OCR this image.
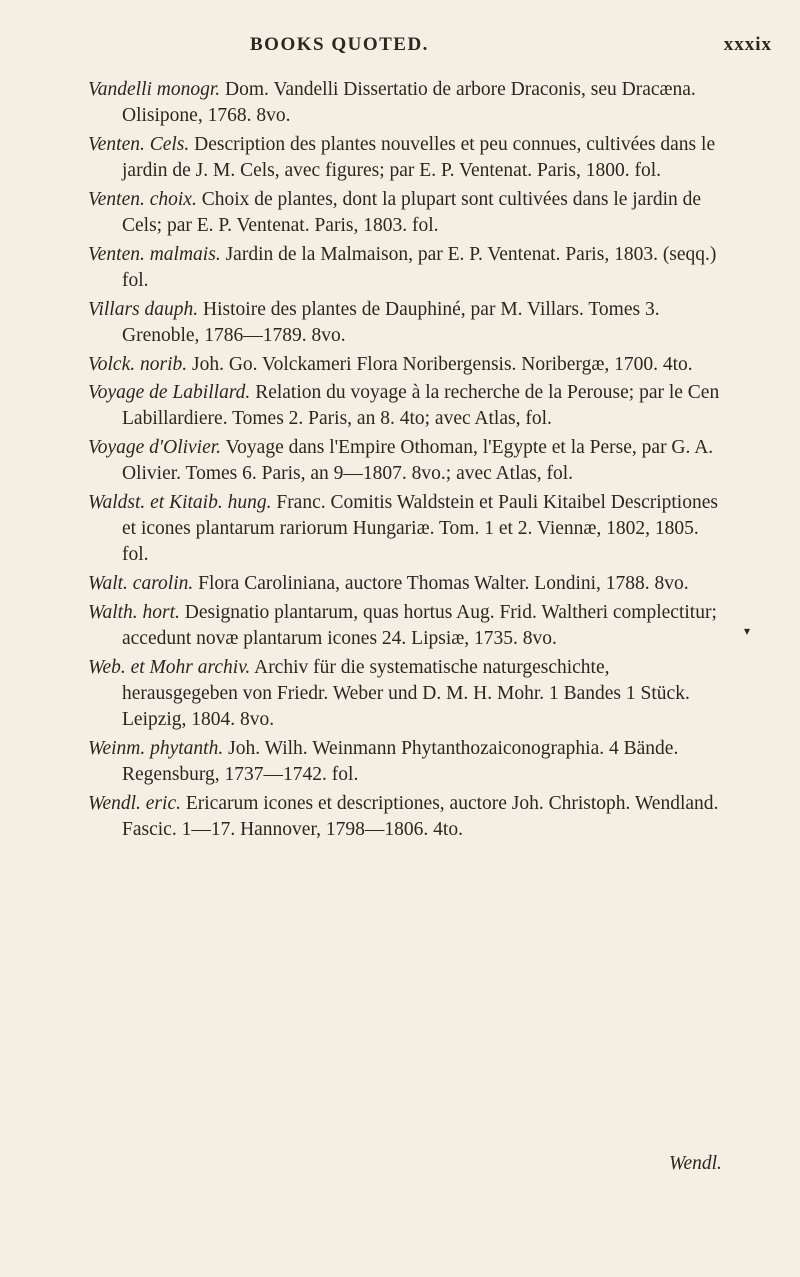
BOOKS QUOTED.	xxxix

Vandelli monogr. Dom. Vandelli Dissertatio de arbore Draconis, seu Dracæna. Olisipone, 1768. 8vo.

Venten. Cels. Description des plantes nouvelles et peu connues, cultivées dans le jardin de J. M. Cels, avec figures; par E. P. Ventenat. Paris, 1800. fol.

Venten. choix. Choix de plantes, dont la plupart sont cultivées dans le jardin de Cels; par E. P. Ventenat. Paris, 1803. fol.

Venten. malmais. Jardin de la Malmaison, par E. P. Ventenat. Paris, 1803. (seqq.) fol.

Villars dauph. Histoire des plantes de Dauphiné, par M. Villars. Tomes 3. Grenoble, 1786—1789. 8vo.

Volck. norib. Joh. Go. Volckameri Flora Noribergensis. Noribergæ, 1700. 4to.

Voyage de Labillard. Relation du voyage à la recherche de la Perouse; par le Cen Labillardiere. Tomes 2. Paris, an 8. 4to; avec Atlas, fol.

Voyage d'Olivier. Voyage dans l'Empire Othoman, l'Egypte et la Perse, par G. A. Olivier. Tomes 6. Paris, an 9—1807. 8vo.; avec Atlas, fol.

Waldst. et Kitaib. hung. Franc. Comitis Waldstein et Pauli Kitaibel Descriptiones et icones plantarum rariorum Hungariæ. Tom. 1 et 2. Viennæ, 1802, 1805. fol.

Walt. carolin. Flora Caroliniana, auctore Thomas Walter. Londini, 1788. 8vo.

Walth. hort. Designatio plantarum, quas hortus Aug. Frid. Waltheri complectitur; accedunt novæ plantarum icones 24. Lipsiæ, 1735. 8vo.

Web. et Mohr archiv. Archiv für die systematische naturgeschichte, herausgegeben von Friedr. Weber und D. M. H. Mohr. 1 Bandes 1 Stück. Leipzig, 1804. 8vo.

Weinm. phytanth. Joh. Wilh. Weinmann Phytanthozaiconographia. 4 Bände. Regensburg, 1737—1742. fol.

Wendl. eric. Ericarum icones et descriptiones, auctore Joh. Christoph. Wendland. Fascic. 1—17. Hannover, 1798—1806. 4to.

▾
Wendl.
